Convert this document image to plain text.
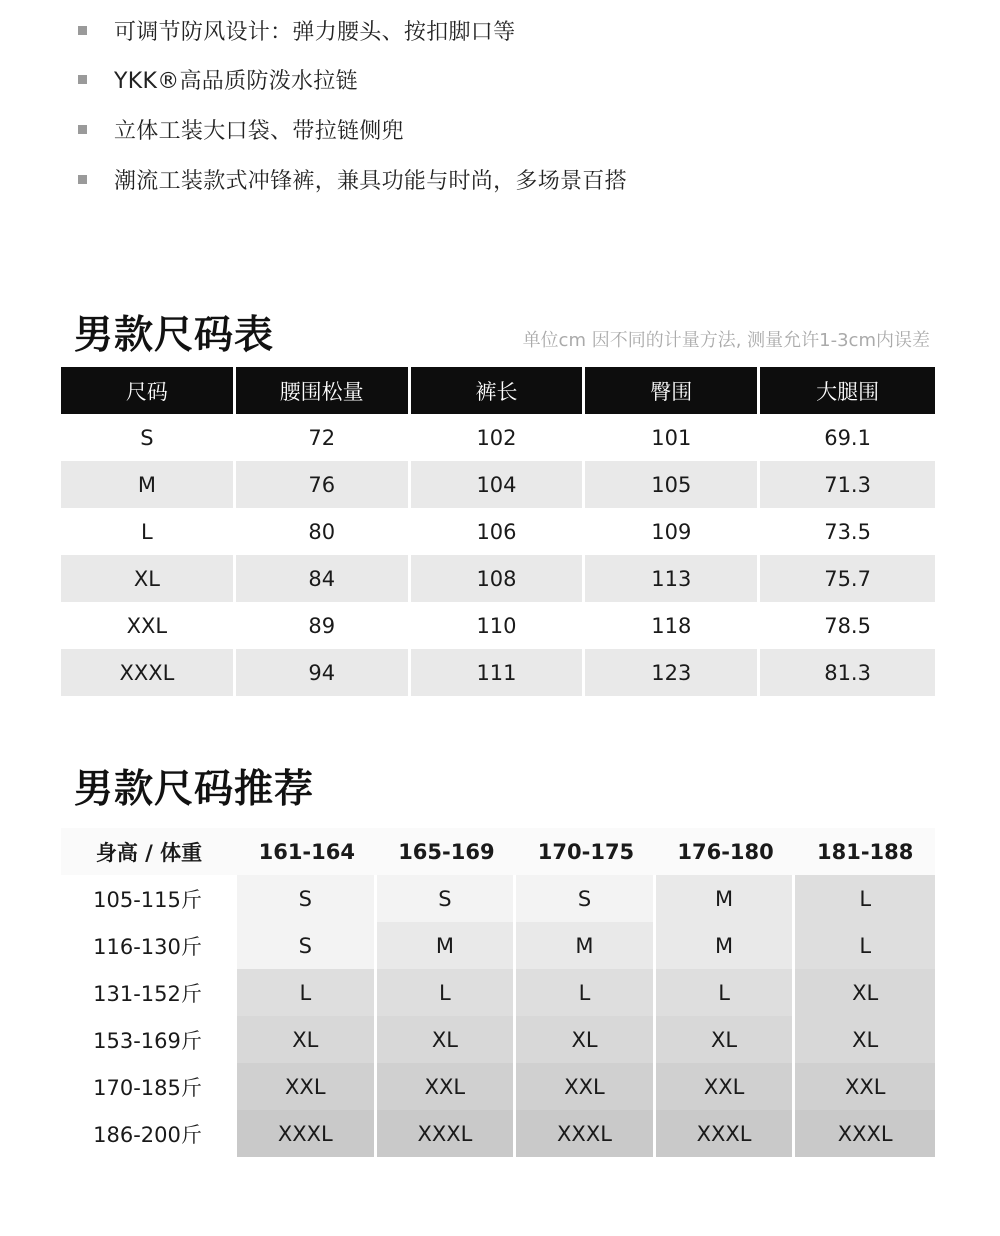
可调节防风设计：弹力腰头、按扣脚口等
YKK®高品质防泼水拉链
立体工装大口袋、带拉链侧兜
潮流工装款式冲锋裤，兼具功能与时尚，多场景百搭
男款尺码表	单位cm 因不同的计量方法, 测量允许1-3cm内误差
尺码	腰围松量	裤长	臀围	大腿围
S	72	102	101	69.1
M	76	104	105	71.3
L	80	106	109	73.5
XL	84	108	113	75.7
XXL	89	110	118	78.5
XXXL	94	111	123	81.3
男款尺码推荐
身高 / 体重	161-164	165-169	170-175	176-180	181-188
105-115斤	S	S	S	M	L
116-130斤	S	M	M	M	L
131-152斤	L	L	L	L	XL
153-169斤	XL	XL	XL	XL	XL
170-185斤	XXL	XXL	XXL	XXL	XXL
186-200斤	XXXL	XXXL	XXXL	XXXL	XXXL
